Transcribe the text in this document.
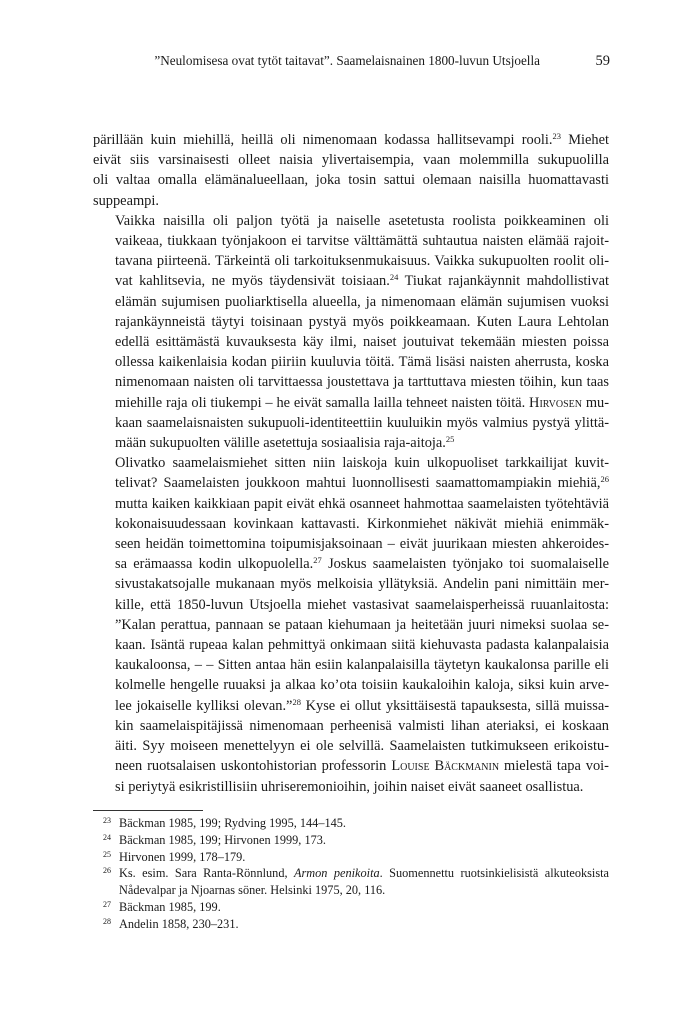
”Neulomisesa ovat tytöt taitavat”. Saamelaisnainen 1800-luvun Utsjoella	59

pärillään kuin miehillä, heillä oli nimenomaan kodassa hallitsevampi rooli.$^{23}$ Miehet
eivät siis varsinaisesti olleet naisia ylivertaisempia, vaan molemmilla sukupuolilla
oli valtaa omalla elämänalueellaan, joka tosin sattui olemaan naisilla huomattavasti
suppeampi.

Vaikka naisilla oli paljon työtä ja naiselle asetetusta roolista poikkeaminen oli
vaikeaa, tiukkaan työnjakoon ei tarvitse välttämättä suhtautua naisten elämää rajoit-
tavana piirteenä. Tärkeintä oli tarkoituksenmukaisuus. Vaikka sukupuolten roolit oli-
vat kahlitsevia, ne myös täydensivät toisiaan.$^{24}$ Tiukat rajankäynnit mahdollistivat
elämän sujumisen puoliarktisella alueella, ja nimenomaan elämän sujumisen vuoksi
rajankäynneistä täytyi toisinaan pystyä myös poikkeamaan. Kuten Laura Lehtolan
edellä esittämästä kuvauksesta käy ilmi, naiset joutuivat tekemään miesten poissa
ollessa kaikenlaisia kodan piiriin kuuluvia töitä. Tämä lisäsi naisten aherrusta, koska
nimenomaan naisten oli tarvittaessa joustettava ja tarttuttava miesten töihin, kun taas
miehille raja oli tiukempi – he eivät samalla lailla tehneet naisten töitä. Hirvosen mu-
kaan saamelaisnaisten sukupuoli-identiteettiin kuuluikin myös valmius pystyä ylittä-
mään sukupuolten välille asetettuja sosiaalisia raja-aitoja.$^{25}$

Olivatko saamelaismiehet sitten niin laiskoja kuin ulkopuoliset tarkkailijat kuvit-
telivat? Saamelaisten joukkoon mahtui luonnollisesti saamattomampiakin miehiä,$^{26}$
mutta kaiken kaikkiaan papit eivät ehkä osanneet hahmottaa saamelaisten työtehtäviä
kokonaisuudessaan kovinkaan kattavasti. Kirkonmiehet näkivät miehiä enimmäk-
seen heidän toimettomina toipumisjaksoinaan – eivät juurikaan miesten ahkeroides-
sa erämaassa kodin ulkopuolella.$^{27}$ Joskus saamelaisten työnjako toi suomalaiselle
sivustakatsojalle mukanaan myös melkoisia yllätyksiä. Andelin pani nimittäin mer-
kille, että 1850-luvun Utsjoella miehet vastasivat saamelaisperheissä ruuanlaitosta:
”Kalan perattua, pannaan se pataan kiehumaan ja heitetään juuri nimeksi suolaa se-
kaan. Isäntä rupeaa kalan pehmittyä onkimaan siitä kiehuvasta padasta kalanpalaisia
kaukaloonsa, – – Sitten antaa hän esiin kalanpalaisilla täytetyn kaukalonsa parille eli
kolmelle hengelle ruuaksi ja alkaa ko’ota toisiin kaukaloihin kaloja, siksi kuin arve-
lee jokaiselle kylliksi olevan.”$^{28}$ Kyse ei ollut yksittäisestä tapauksesta, sillä muissa-
kin saamelaispitäjissä nimenomaan perheenisä valmisti lihan ateriaksi, ei koskaan
äiti. Syy moiseen menettelyyn ei ole selvillä. Saamelaisten tutkimukseen erikoistu-
neen ruotsalaisen uskontohistorian professorin Louise Bäckmanin mielestä tapa voi-
si periytyä esikristillisiin uhriseremonioihin, joihin naiset eivät saaneet osallistua.

23 Bäckman 1985, 199; Rydving 1995, 144–145.
24 Bäckman 1985, 199; Hirvonen 1999, 173.
25 Hirvonen 1999, 178–179.
26 Ks. esim. Sara Ranta-Rönnlund, Armon penikoita. Suomennettu ruotsinkielisistä alkuteoksista
Nådevalpar ja Njoarnas söner. Helsinki 1975, 20, 116.
27 Bäckman 1985, 199.
28 Andelin 1858, 230–231.
